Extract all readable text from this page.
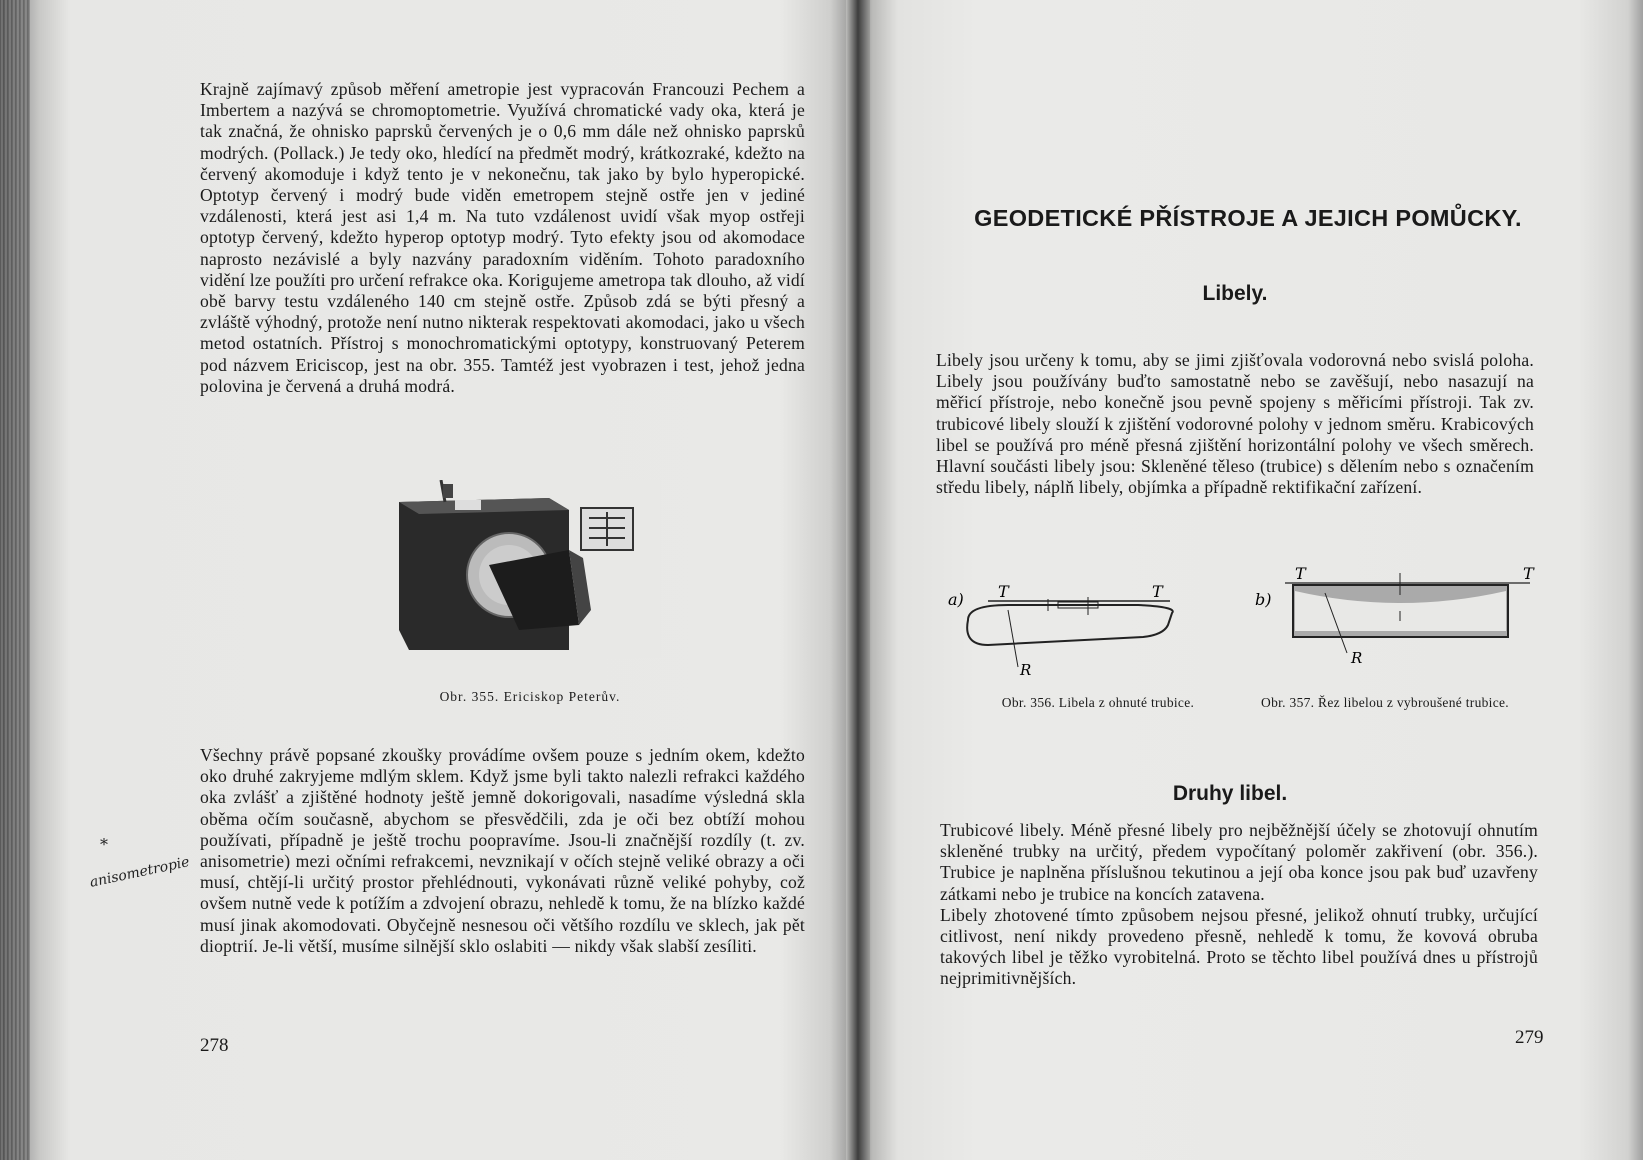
Krajně zajímavý způsob měření ametropie jest vypracován Francouzi Pechem a Imbertem a nazývá se chromoptometrie. Využívá chromatické vady oka, která je tak značná, že ohnisko paprsků červených je o 0,6 mm dále než ohnisko paprsků modrých. (Pollack.) Je tedy oko, hledící na předmět modrý, krátkozraké, kdežto na červený akomoduje i když tento je v nekonečnu, tak jako by bylo hyperopické. Optotyp červený i modrý bude viděn emetropem stejně ostře jen v jediné vzdálenosti, která jest asi 1,4 m. Na tuto vzdálenost uvidí však myop ostřeji optotyp červený, kdežto hyperop optotyp modrý. Tyto efekty jsou od akomodace naprosto nezávislé a byly nazvány paradoxním viděním. Tohoto paradoxního vidění lze použíti pro určení refrakce oka. Korigujeme ametropa tak dlouho, až vidí obě barvy testu vzdáleného 140 cm stejně ostře. Způsob zdá se býti přesný a zvláště výhodný, protože není nutno nikterak respektovati akomodaci, jako u všech metod ostatních. Přístroj s monochromatickými optotypy, konstruovaný Peterem pod názvem Ericiscop, jest na obr. 355. Tamtéž jest vyobrazen i test, jehož jedna polovina je červená a druhá modrá.

Obr. 355. Ericiskop Peterův.

Všechny právě popsané zkoušky provádíme ovšem pouze s jedním okem, kdežto oko druhé zakryjeme mdlým sklem. Když jsme byli takto nalezli refrakci každého oka zvlášť a zjištěné hodnoty ještě jemně dokorigovali, nasadíme výsledná skla oběma očím současně, abychom se přesvědčili, zda je oči bez obtíží mohou používati, případně je ještě trochu poopravíme. Jsou-li značnější rozdíly (t. zv. anisometrie) mezi očními refrakcemi, nevznikají v očích stejně veliké obrazy a oči musí, chtějí-li určitý prostor přehlédnouti, vykonávati různě veliké pohyby, což ovšem nutně vede k potížím a zdvojení obrazu, nehledě k tomu, že na blízko každé musí jinak akomodovati. Obyčejně nesnesou oči většího rozdílu ve sklech, jak pět dioptrií. Je-li větší, musíme silnější sklo oslabiti — nikdy však slabší zesíliti.

*
anisometropie
278
GEODETICKÉ PŘÍSTROJE A JEJICH POMŮCKY.
Libely.

Libely jsou určeny k tomu, aby se jimi zjišťovala vodorovná nebo svislá poloha. Libely jsou používány buďto samostatně nebo se zavěšují, nebo nasazují na měřicí přístroje, nebo konečně jsou pevně spojeny s měřicími přístroji. Tak zv. trubicové libely slouží k zjištění vodorovné polohy v jednom směru. Krabicových libel se používá pro méně přesná zjištění horizontální polohy ve všech směrech. Hlavní součásti libely jsou: Skleněné těleso (trubice) s dělením nebo s označením středu libely, náplň libely, objímka a případně rektifikační zařízení.

a) T	T
R
b)
T	T
R
Obr. 356. Libela z ohnuté trubice.	Obr. 357. Řez libelou z vybroušené trubice.
Druhy libel.
Trubicové libely. Méně přesné libely pro nejběžnější účely se zhotovují ohnutím skleněné trubky na určitý, předem vypočítaný poloměr zakřivení (obr. 356.). Trubice je naplněna příslušnou tekutinou a její oba konce jsou pak buď uzavřeny zátkami nebo je trubice na koncích zatavena.
Libely zhotovené tímto způsobem nejsou přesné, jelikož ohnutí trubky, určující citlivost, není nikdy provedeno přesně, nehledě k tomu, že kovová obruba takových libel je těžko vyrobitelná. Proto se těchto libel používá dnes u přístrojů nejprimitivnějších.
279
